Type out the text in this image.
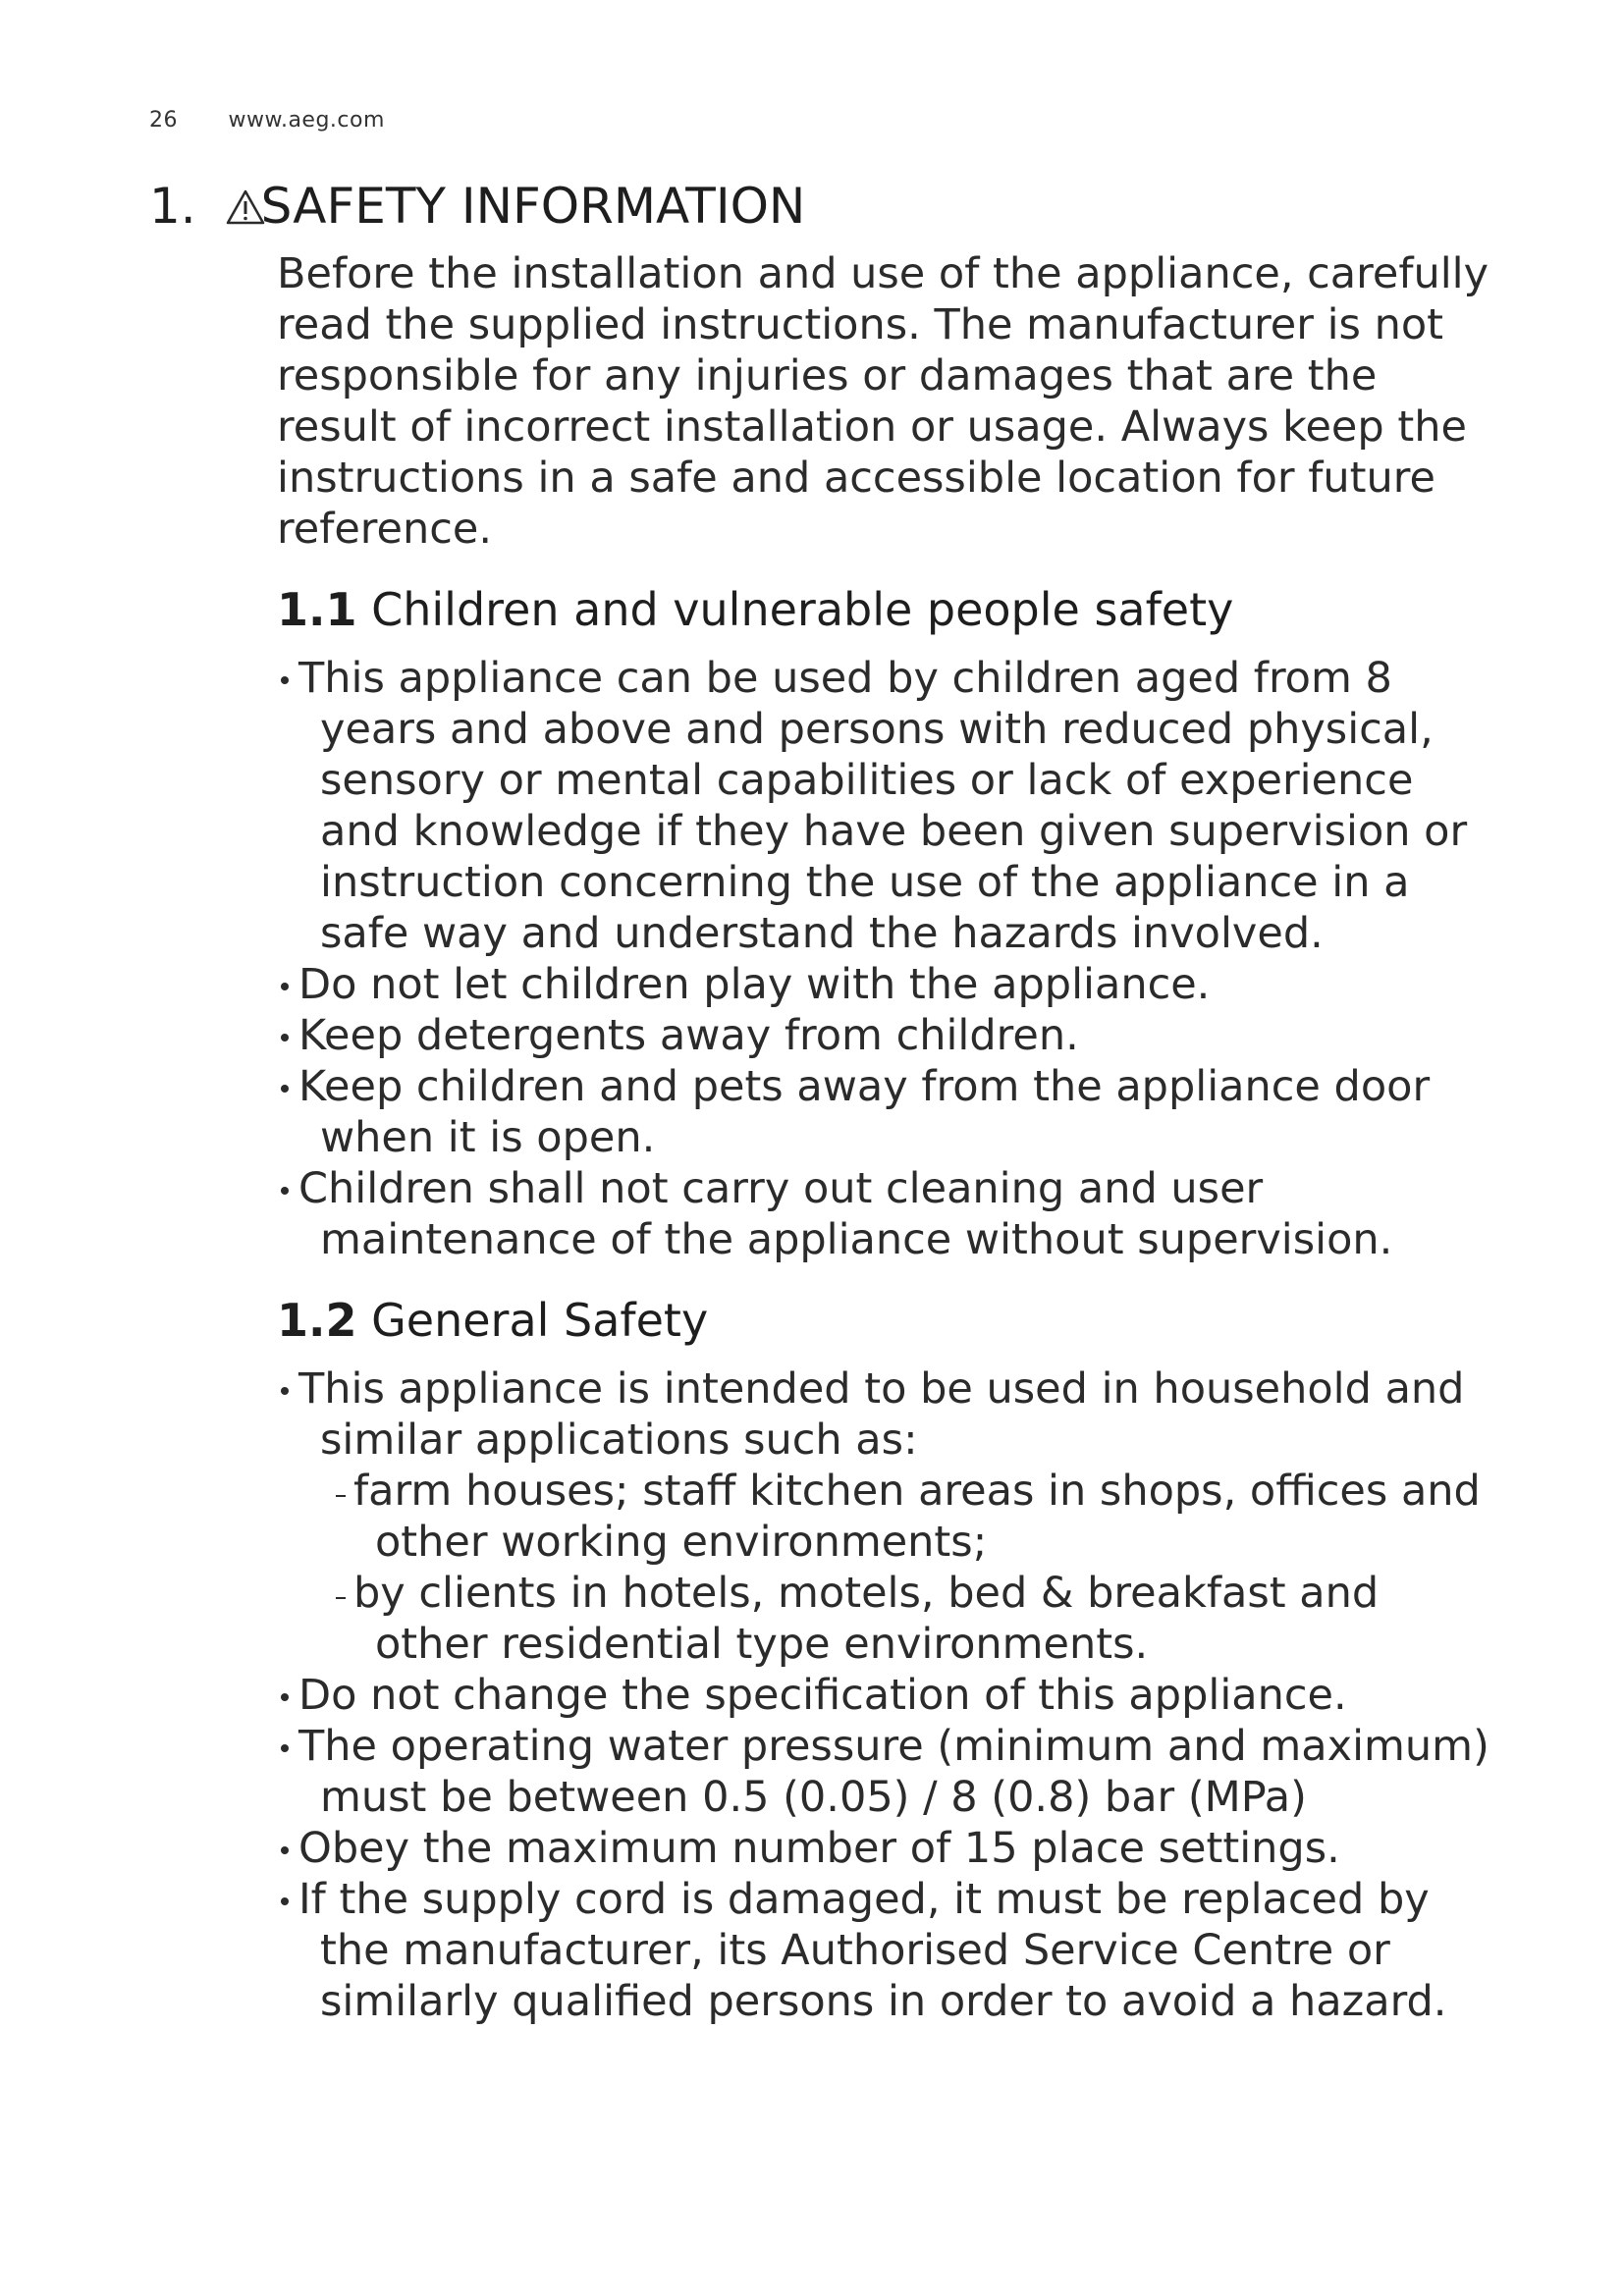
26 www.aeg.com
1. SAFETY INFORMATION

Before the installation and use of the appliance, carefully read the supplied instructions. The manufacturer is not responsible for any injuries or damages that are the result of incorrect installation or usage. Always keep the instructions in a safe and accessible location for future reference.

1.1 Children and vulnerable people safety
This appliance can be used by children aged from 8 years and above and persons with reduced physical, sensory or mental capabilities or lack of experience and knowledge if they have been given supervision or instruction concerning the use of the appliance in a safe way and understand the hazards involved.
Do not let children play with the appliance.
Keep detergents away from children.
Keep children and pets away from the appliance door when it is open.
Children shall not carry out cleaning and user maintenance of the appliance without supervision.
1.2 General Safety
This appliance is intended to be used in household and similar applications such as:
farm houses; staff kitchen areas in shops, offices and other working environments;
by clients in hotels, motels, bed & breakfast and other residential type environments.
Do not change the specification of this appliance.
The operating water pressure (minimum and maximum) must be between 0.5 (0.05) / 8 (0.8) bar (MPa)
Obey the maximum number of 15 place settings.
If the supply cord is damaged, it must be replaced by the manufacturer, its Authorised Service Centre or similarly qualified persons in order to avoid a hazard.
